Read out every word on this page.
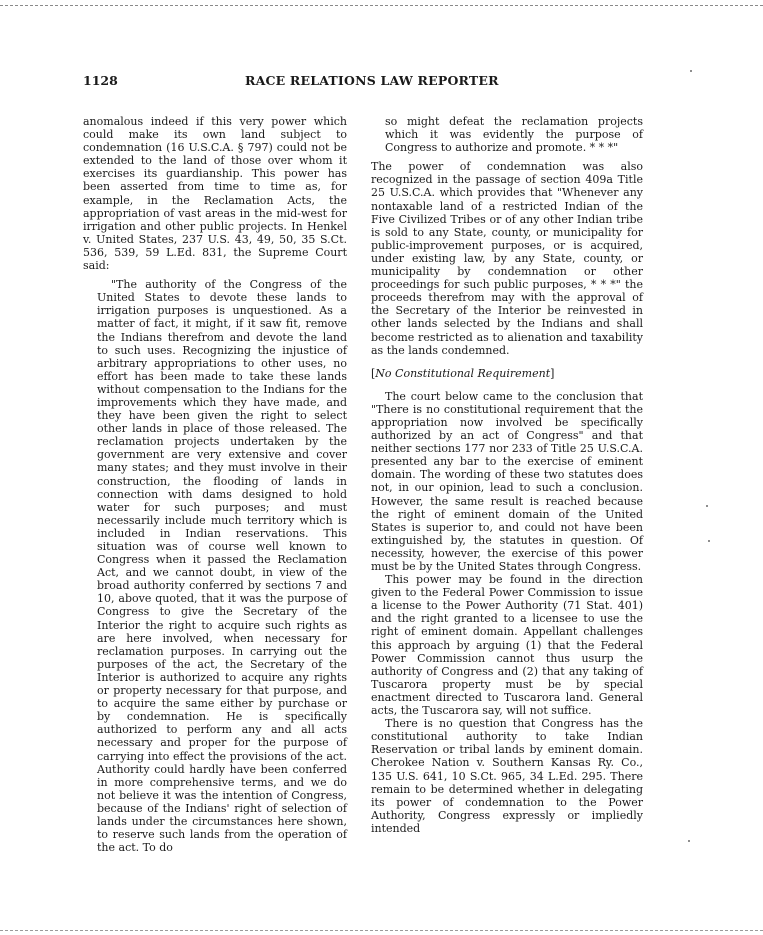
1128	RACE RELATIONS LAW REPORTER

anomalous indeed if this very power which could make its own land subject to condemnation (16 U.S.C.A. § 797) could not be extended to the land of those over whom it exercises its guardianship. This power has been asserted from time to time as, for example, in the Reclamation Acts, the appropriation of vast areas in the mid-west for irrigation and other public projects. In Henkel v. United States, 237 U.S. 43, 49, 50, 35 S.Ct. 536, 539, 59 L.Ed. 831, the Supreme Court said:

"The authority of the Congress of the United States to devote these lands to irrigation purposes is unquestioned. As a matter of fact, it might, if it saw fit, remove the Indians therefrom and devote the land to such uses. Recognizing the injustice of arbitrary appropriations to other uses, no effort has been made to take these lands without compensation to the Indians for the improvements which they have made, and they have been given the right to select other lands in place of those released. The reclamation projects undertaken by the government are very extensive and cover many states; and they must involve in their construction, the flooding of lands in connection with dams designed to hold water for such purposes; and must necessarily include much territory which is included in Indian reservations. This situation was of course well known to Congress when it passed the Reclamation Act, and we cannot doubt, in view of the broad authority conferred by sections 7 and 10, above quoted, that it was the purpose of Congress to give the Secretary of the Interior the right to acquire such rights as are here involved, when necessary for reclamation purposes. In carrying out the purposes of the act, the Secretary of the Interior is authorized to acquire any rights or property necessary for that purpose, and to acquire the same either by purchase or by condemnation. He is specifically authorized to perform any and all acts necessary and proper for the purpose of carrying into effect the provisions of the act. Authority could hardly have been conferred in more comprehensive terms, and we do not believe it was the intention of Congress, because of the Indians' right of selection of lands under the circumstances here shown, to reserve such lands from the operation of the act. To do

so might defeat the reclamation projects which it was evidently the purpose of Congress to authorize and promote. * * *"

The power of condemnation was also recognized in the passage of section 409a Title 25 U.S.C.A. which provides that "Whenever any nontaxable land of a restricted Indian of the Five Civilized Tribes or of any other Indian tribe is sold to any State, county, or municipality for public-improvement purposes, or is acquired, under existing law, by any State, county, or municipality by condemnation or other proceedings for such public purposes, * * *" the proceeds therefrom may with the approval of the Secretary of the Interior be reinvested in other lands selected by the Indians and shall become restricted as to alienation and taxability as the lands condemned.

[No Constitutional Requirement]

The court below came to the conclusion that "There is no constitutional requirement that the appropriation now involved be specifically authorized by an act of Congress" and that neither sections 177 nor 233 of Title 25 U.S.C.A. presented any bar to the exercise of eminent domain. The wording of these two statutes does not, in our opinion, lead to such a conclusion. However, the same result is reached because the right of eminent domain of the United States is superior to, and could not have been extinguished by, the statutes in question. Of necessity, however, the exercise of this power must be by the United States through Congress.

This power may be found in the direction given to the Federal Power Commission to issue a license to the Power Authority (71 Stat. 401) and the right granted to a licensee to use the right of eminent domain. Appellant challenges this approach by arguing (1) that the Federal Power Commission cannot thus usurp the authority of Congress and (2) that any taking of Tuscarora property must be by special enactment directed to Tuscarora land. General acts, the Tuscarora say, will not suffice.

There is no question that Congress has the constitutional authority to take Indian Reservation or tribal lands by eminent domain. Cherokee Nation v. Southern Kansas Ry. Co., 135 U.S. 641, 10 S.Ct. 965, 34 L.Ed. 295. There remain to be determined whether in delegating its power of condemnation to the Power Authority, Congress expressly or impliedly intended
